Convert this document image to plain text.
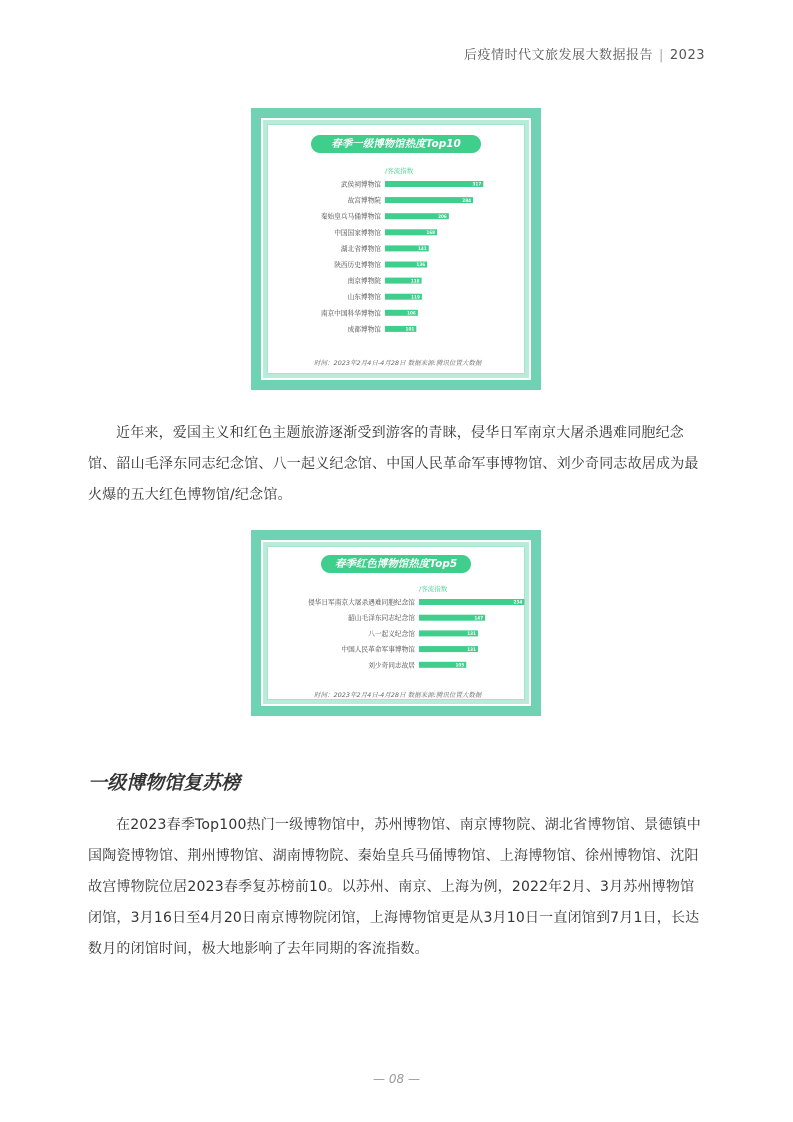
后疫情时代文旅发展大数据报告 | 2023
春季一级博物馆热度Top10
/客流指数
武侯祠博物馆	317
故宫博物院	284
秦始皇兵马俑博物馆	206
中国国家博物馆	168
湖北省博物馆	141
陕西历史博物馆	136
南京博物院	118
山东博物馆	119
南京中国科华博物馆	106
成都博物馆	101
时间：2023年2月4日-4月28日 数据来源:腾讯位置大数据
春季红色博物馆热度Top5
/客流指数
侵华日军南京大屠杀遇难同胞纪念馆	234
韶山毛泽东同志纪念馆	147
八一起义纪念馆	131
中国人民革命军事博物馆	131
刘少奇同志故居	105
时间：2023年2月4日-4月28日 数据来源:腾讯位置大数据

近年来，爱国主义和红色主题旅游逐渐受到游客的青睐，侵华日军南京大屠杀遇难同胞纪念馆、韶山毛泽东同志纪念馆、八一起义纪念馆、中国人民革命军事博物馆、刘少奇同志故居成为最火爆的五大红色博物馆/纪念馆。

一级博物馆复苏榜

在2023春季Top100热门一级博物馆中，苏州博物馆、南京博物院、湖北省博物馆、景德镇中国陶瓷博物馆、荆州博物馆、湖南博物院、秦始皇兵马俑博物馆、上海博物馆、徐州博物馆、沈阳故宫博物院位居2023春季复苏榜前10。以苏州、南京、上海为例，2022年2月、3月苏州博物馆闭馆，3月16日至4月20日南京博物院闭馆，上海博物馆更是从3月10日一直闭馆到7月1日，长达数月的闭馆时间，极大地影响了去年同期的客流指数。

— 08 —
